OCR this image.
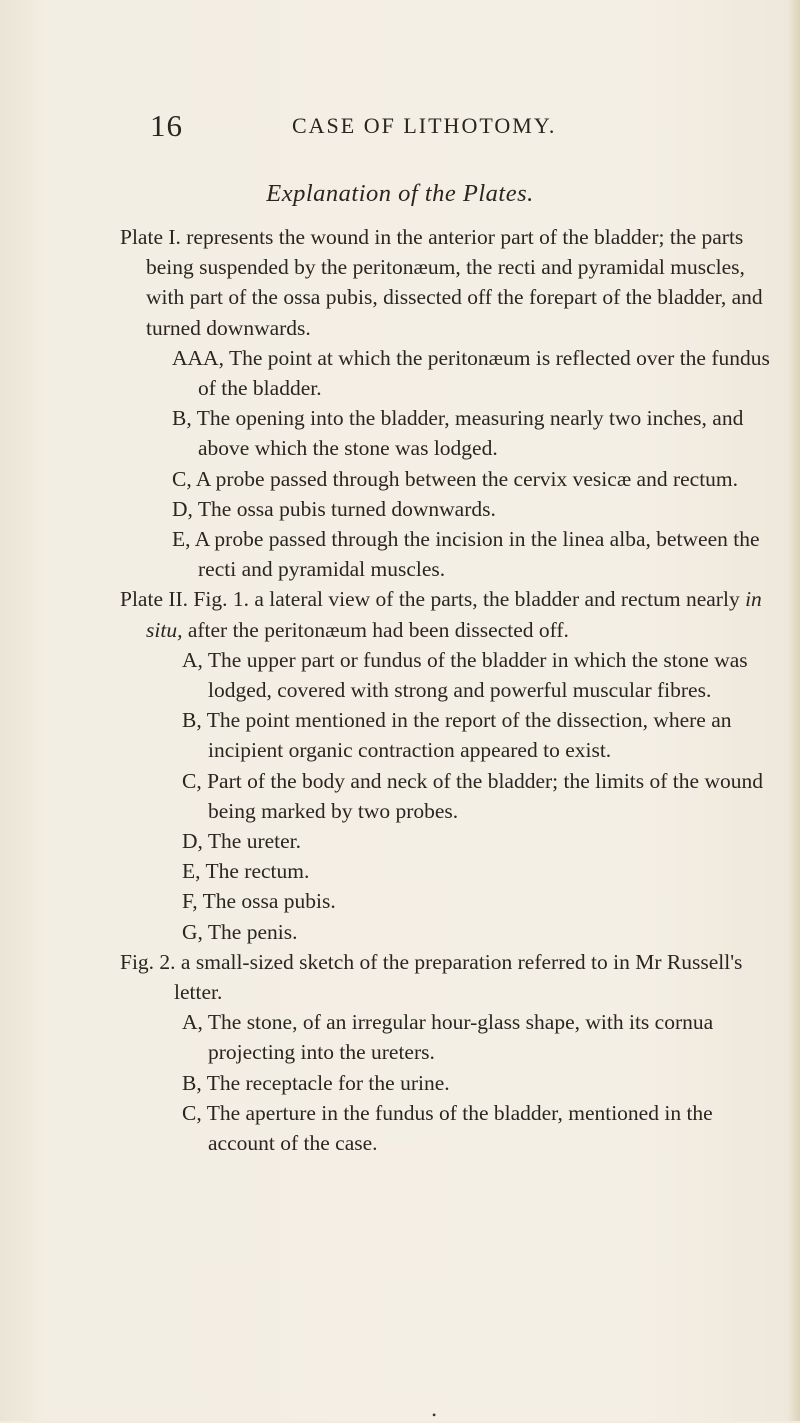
16	CASE OF LITHOTOMY.
Explanation of the Plates.

Plate I. represents the wound in the anterior part of the bladder; the parts being suspended by the peritonæum, the recti and pyramidal muscles, with part of the ossa pubis, dissected off the forepart of the bladder, and turned downwards.

AAA, The point at which the peritonæum is reflected over the fundus of the bladder.

B, The opening into the bladder, measuring nearly two inches, and above which the stone was lodged.

C, A probe passed through between the cervix vesicæ and rectum.

D, The ossa pubis turned downwards.

E, A probe passed through the incision in the linea alba, between the recti and pyramidal muscles.

Plate II. Fig. 1. a lateral view of the parts, the bladder and rectum nearly in situ, after the peritonæum had been dissected off.

A, The upper part or fundus of the bladder in which the stone was lodged, covered with strong and powerful muscular fibres.

B, The point mentioned in the report of the dissection, where an incipient organic contraction appeared to exist.

C, Part of the body and neck of the bladder; the limits of the wound being marked by two probes.

D, The ureter.

E, The rectum.

F, The ossa pubis.

G, The penis.

Fig. 2. a small-sized sketch of the preparation referred to in Mr Russell's letter.

A, The stone, of an irregular hour-glass shape, with its cornua projecting into the ureters.

B, The receptacle for the urine.

C, The aperture in the fundus of the bladder, mentioned in the account of the case.

•
